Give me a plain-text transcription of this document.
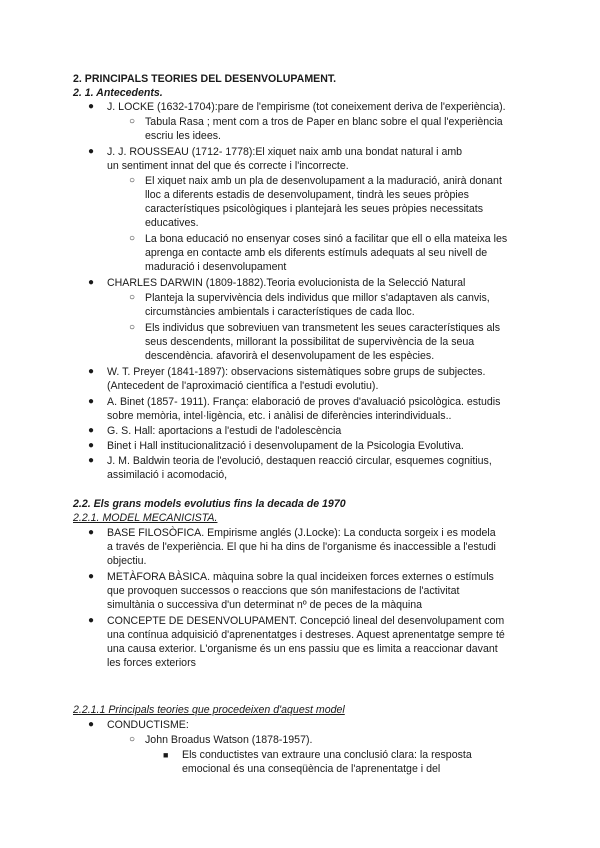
2. PRINCIPALS TEORIES DEL DESENVOLUPAMENT.
2. 1. Antecedents.
● J. LOCKE (1632-1704):pare de l'empirisme (tot coneixement deriva de l'experiència).
○ Tabula Rasa ; ment com a tros de Paper en blanc sobre el qual l'experiència
escriu les idees.
● J. J. ROUSSEAU (1712- 1778):El xiquet naix amb una bondat natural i amb
un sentiment innat del que és correcte i l'incorrecte.
○ El xiquet naix amb un pla de desenvolupament a la maduració, anirà donant
lloc a diferents estadis de desenvolupament, tindrà les seues pròpies
característiques psicològiques i plantejarà les seues pròpies necessitats
educatives.
○ La bona educació no ensenyar coses sinó a facilitar que ell o ella mateixa les
aprenga en contacte amb els diferents estímuls adequats al seu nivell de
maduració i desenvolupament
● CHARLES DARWIN (1809-1882).Teoria evolucionista de la Selecció Natural
○ Planteja la supervivència dels individus que millor s'adaptaven als canvis,
circumstàncies ambientals i característiques de cada lloc.
○ Els individus que sobreviuen van transmetent les seues característiques als
seus descendents, millorant la possibilitat de supervivència de la seua
descendència. afavorirà el desenvolupament de les espècies.
● W. T. Preyer (1841-1897): observacions sistemàtiques sobre grups de subjectes.
(Antecedent de l'aproximació científica a l'estudi evolutiu).
● A. Binet (1857- 1911). França: elaboració de proves d'avaluació psicològica. estudis
sobre memòria, intel·ligència, etc. i anàlisi de diferències interindividuals..
● G. S. Hall: aportacions a l'estudi de l'adolescència
● Binet i Hall institucionalització i desenvolupament de la Psicologia Evolutiva.
● J. M. Baldwin teoria de l'evolució, destaquen reacció circular, esquemes cognitius,
assimilació i acomodació,
2.2. Els grans models evolutius fins la decada de 1970
2.2.1. MODEL MECANICISTA.
● BASE FILOSÒFICA. Empirisme anglés (J.Locke): La conducta sorgeix i es modela
a través de l'experiència. El que hi ha dins de l'organisme és inaccessible a l'estudi
objectiu.
● METÀFORA BÀSICA. màquina sobre la qual incideixen forces externes o estímuls
que provoquen successos o reaccions que són manifestacions de l'activitat
simultània o successiva d'un determinat nº de peces de la màquina
● CONCEPTE DE DESENVOLUPAMENT. Concepció lineal del desenvolupament com
una contínua adquisició d'aprenentatges i destreses. Aquest aprenentatge sempre té
una causa exterior. L'organisme és un ens passiu que es limita a reaccionar davant
les forces exteriors
2.2.1.1 Principals teories que procedeixen d'aquest model
● CONDUCTISME:
○ John Broadus Watson (1878-1957).
■ Els conductistes van extraure una conclusió clara: la resposta
emocional és una conseqüència de l'aprenentatge i del
